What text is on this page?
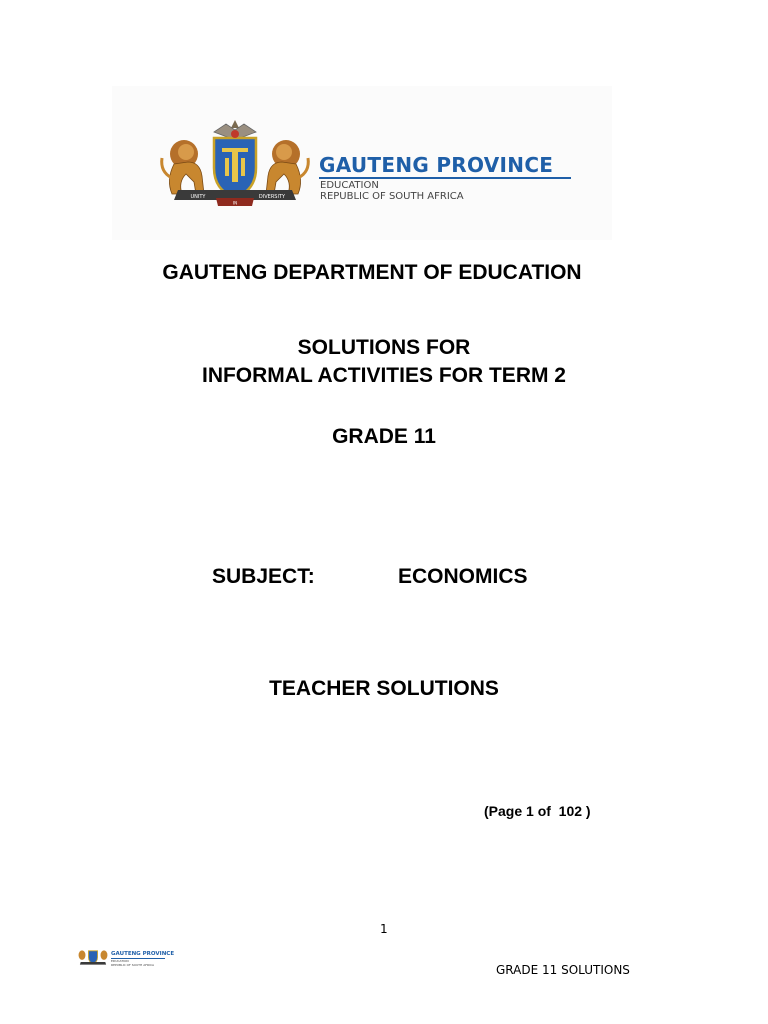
UNITY
IN
DIVERSITY
GAUTENG PROVINCE
EDUCATION
REPUBLIC OF SOUTH AFRICA
GAUTENG DEPARTMENT OF EDUCATION
SOLUTIONS FOR
INFORMAL ACTIVITIES FOR TERM 2
GRADE 11
SUBJECT:	ECONOMICS
TEACHER SOLUTIONS
(Page 1 of  102 )
1
GAUTENG PROVINCE
EDUCATION
REPUBLIC OF SOUTH AFRICA	GRADE 11 SOLUTIONS
